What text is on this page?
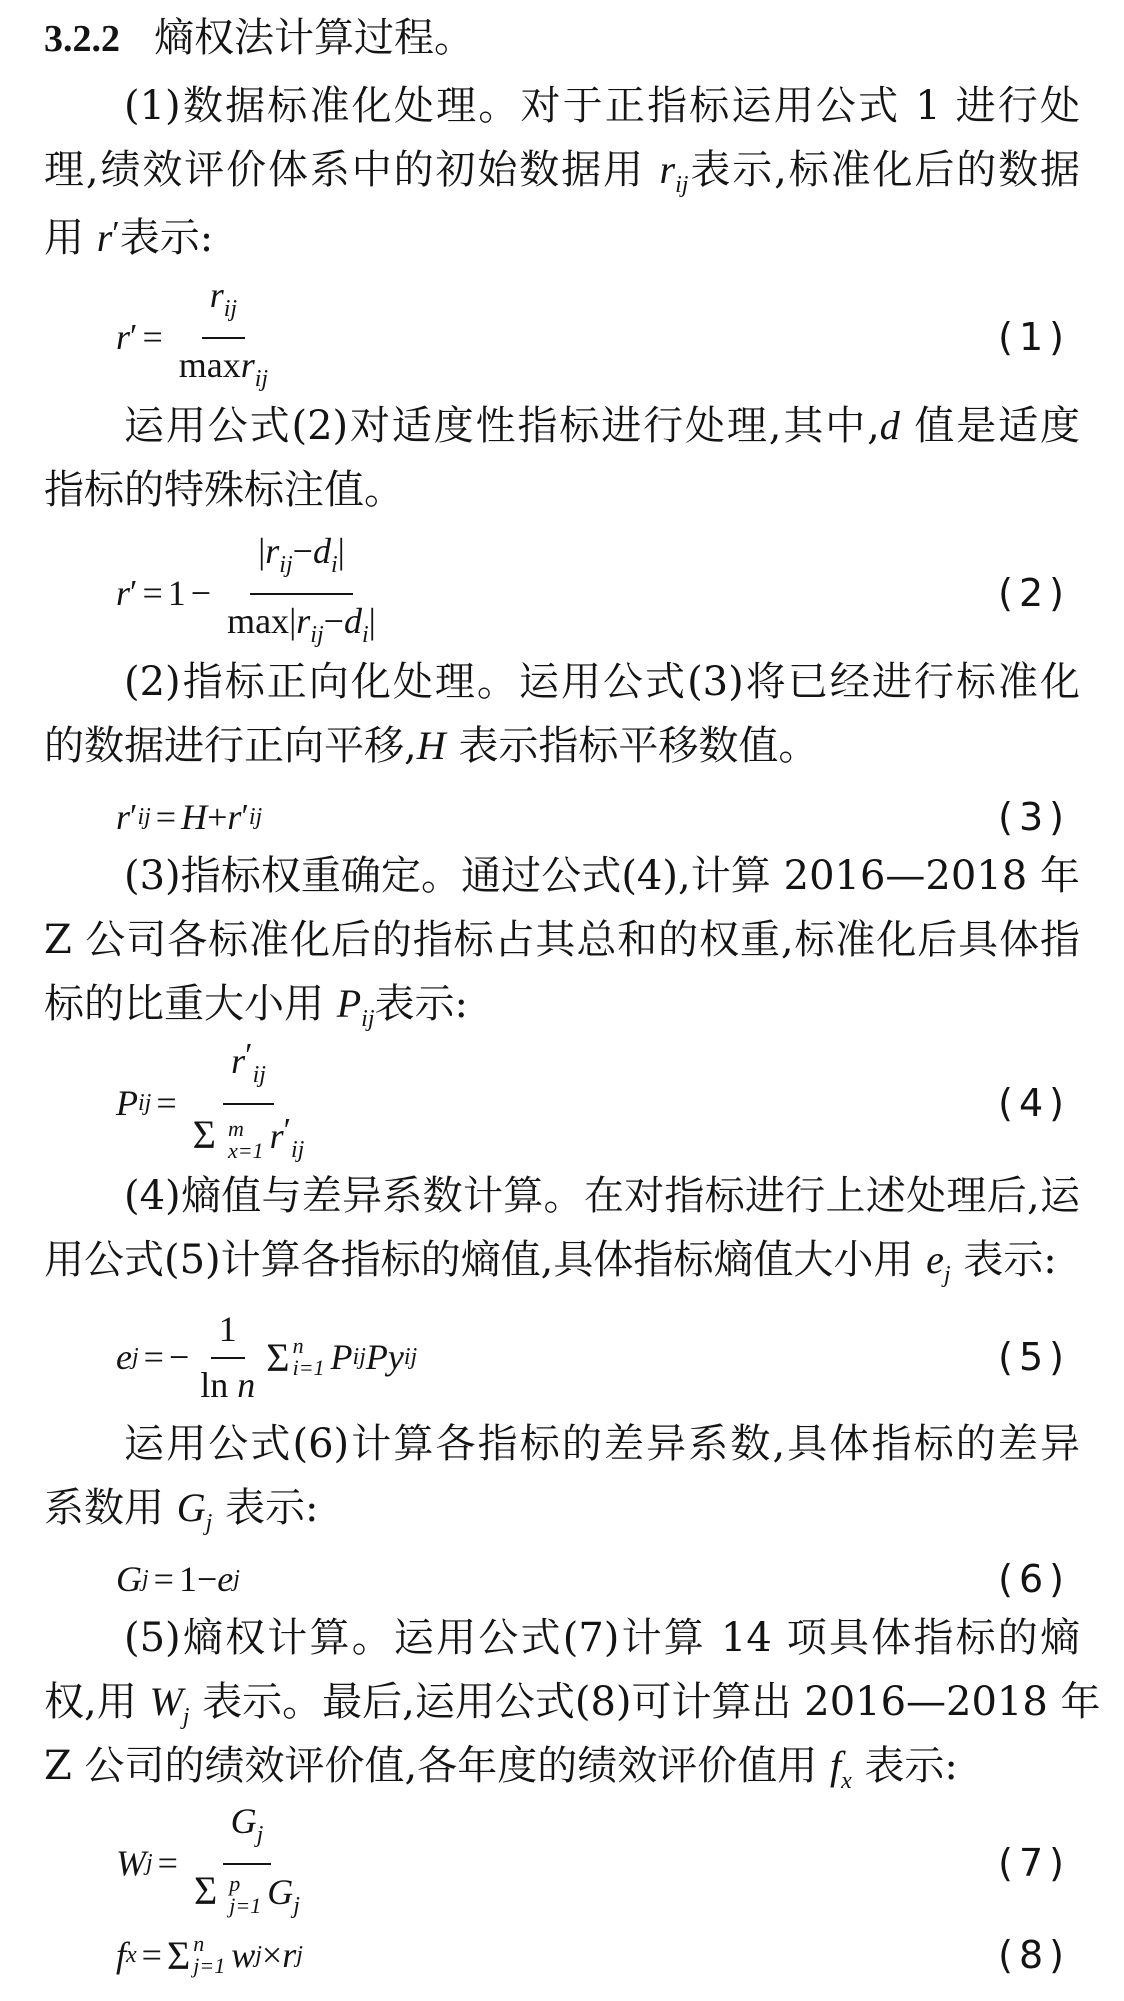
3.2.2 熵权法计算过程。
(1)数据标准化处理。对于正指标运用公式 1 进行处
理,绩效评价体系中的初始数据用 $r_{ij}$表示,标准化后的数据
用 r′表示:
r ′ = $\frac{r_{ij}}{\max r_{ij}}$	(1)
运用公式(2)对适度性指标进行处理,其中,d 值是适度
指标的特殊标注值。
r ′ = $1 - \frac{|r_{ij}-d_i|}{\max|r_{ij}-d_i|}$	(2)
(2)指标正向化处理。运用公式(3)将已经进行标准化
的数据进行正向平移,H 表示指标平移数值。
r ′ ij = H + r ′ ij	(3)
(3)指标权重确定。通过公式(4),计算 2016—2018 年
Z 公司各标准化后的指标占其总和的权重,标准化后具体指
标的比重大小用 $P_{ij}$表示:
P ij = $r'_{ij}$
Σ m
x=1 $r'_{ij}$	(4)
(4)熵值与差异系数计算。在对指标进行上述处理后,运
用公式(5)计算各指标的熵值,具体指标熵值大小用 $e_j$ 表示:
e j = − $\frac{1}{\text{ln n}}$ Σ n
i=1 P ij P y ij	(5)
运用公式(6)计算各指标的差异系数,具体指标的差异
系数用 $G_j$ 表示:
G j = 1 − e j	(6)
(5)熵权计算。运用公式(7)计算 14 项具体指标的熵
权,用 $W_j$ 表示。最后,运用公式(8)可计算出 2016—2018 年
Z 公司的绩效评价值,各年度的绩效评价值用 $f_x$ 表示:
W $j = G_j$
Σ p
j=1 $G_j$	(7)
f x = Σ n
j=1 w j × r j	(8)
